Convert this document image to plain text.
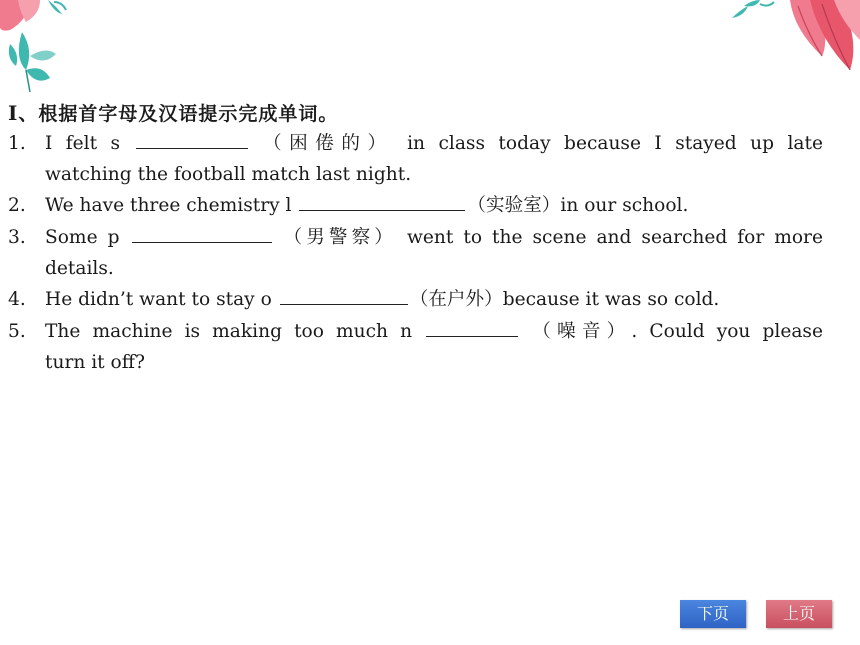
Ⅰ、根据首字母及汉语提示完成单词。
1. I felt s	（困倦的） in class today because I stayed up late
watching the football match last night.
2. We have three chemistry l	（实验室）in our school.
3. Some p	（男警察） went to the scene and searched for more
details.
4. He didn’t want to stay o	（在户外）because it was so cold.
5. The machine is making too much n	（噪音）. Could you please
turn it off?
下页	上页
